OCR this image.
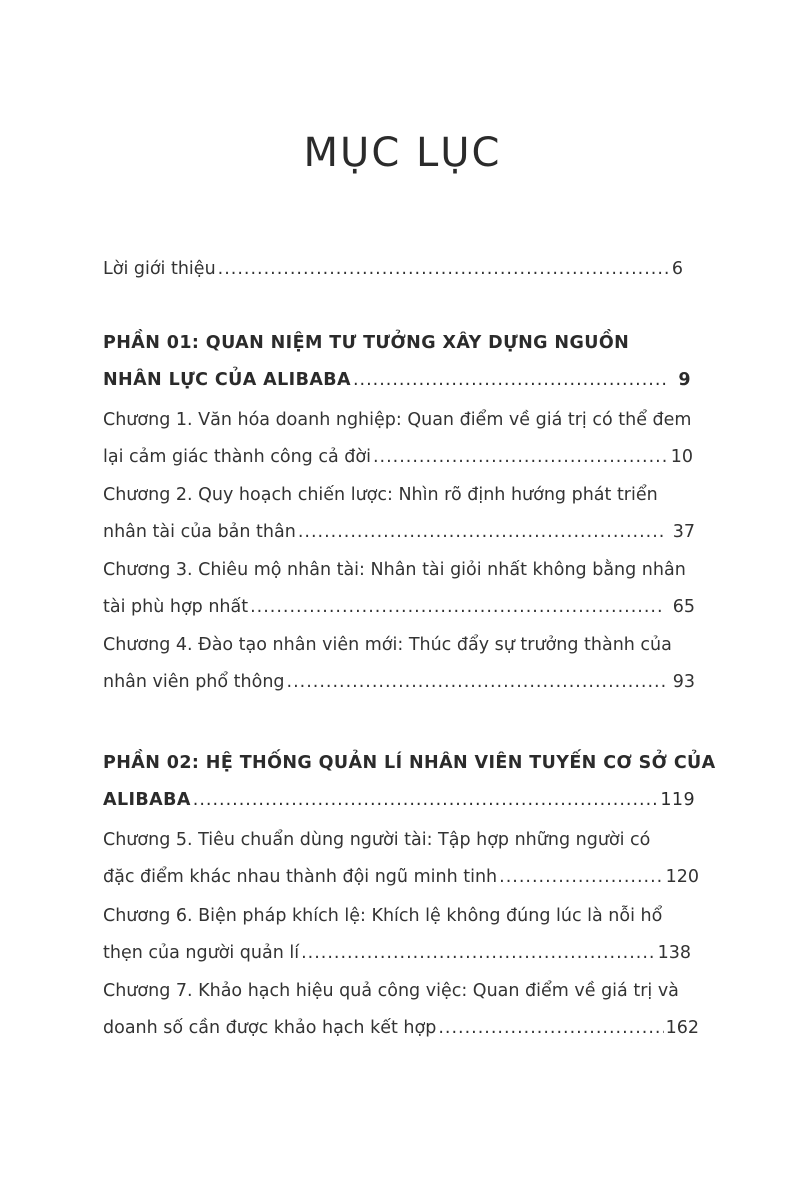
MỤC LỤC
Lời giới thiệu .....	6
PHẦN 01: QUAN NIỆM TƯ TƯỞNG XÂY DỰNG NGUỒN
NHÂN LỰC CỦA ALIBABA .....	9
Chương 1. Văn hóa doanh nghiệp: Quan điểm về giá trị có thể đem
lại cảm giác thành công cả đời .....	10
Chương 2. Quy hoạch chiến lược: Nhìn rõ định hướng phát triển
nhân tài của bản thân .....	37
Chương 3. Chiêu mộ nhân tài: Nhân tài giỏi nhất không bằng nhân
tài phù hợp nhất .....	65
Chương 4. Đào tạo nhân viên mới: Thúc đẩy sự trưởng thành của
nhân viên phổ thông .....	93
PHẦN 02: HỆ THỐNG QUẢN LÍ NHÂN VIÊN TUYẾN CƠ SỞ CỦA
ALIBABA .....	119
Chương 5. Tiêu chuẩn dùng người tài: Tập hợp những người có
đặc điểm khác nhau thành đội ngũ minh tinh .....	120
Chương 6. Biện pháp khích lệ: Khích lệ không đúng lúc là nỗi hổ
thẹn của người quản lí .....	138
Chương 7. Khảo hạch hiệu quả công việc: Quan điểm về giá trị và
doanh số cần được khảo hạch kết hợp .....	162
